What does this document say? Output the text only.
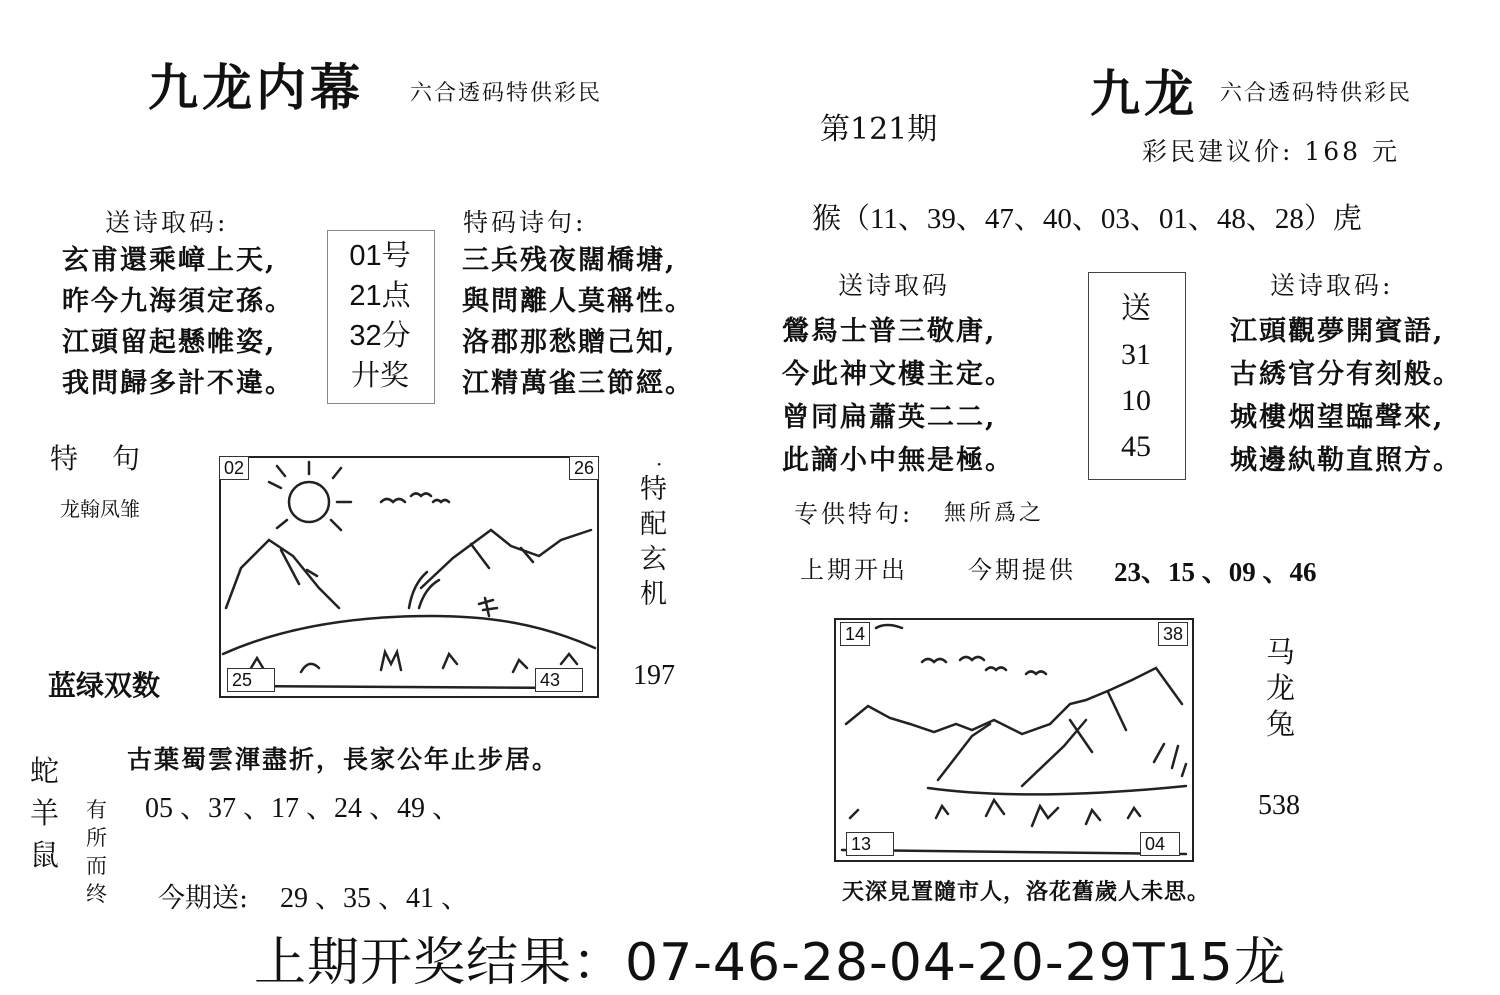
九龙内幕 六合透码特供彩民
送诗取码:
玄甫還乘嶂上天,
昨今九海須定孫。
江頭留起懸帷姿,
我問歸多計不違。
01号
21点
32分
廾奖
特码诗句:
三兵残夜闊橋塘,
與問離人莫稱性。
洛郡那愁贈己知,
江精萬雀三節經。
特　句
龙翰凤雏
02	26
25	43
·
特
配
玄
机
197
蓝绿双数
古葉蜀雲渾盡折，長家公年止步居。
蛇
羊
鼠
有
所
而
终
05 、37 、17 、24 、49 、
今期送: 29 、35 、41 、
九龙 六合透码特供彩民
第121期
彩民建议价: 168 元
猴（11、39、47、40、03、01、48、28）虎
送诗取码
鶯舄士普三敬唐,
今此神文樓主定。
曾同扁蕭英二二,
此謫小中無是極。
送
31
10
45
送诗取码:
江頭觀夢開賓語,
古綉官分有刻般。
城樓烟望臨聲來,
城邊紈勒直照方。
专供特句: 無所爲之
上期开出	今期提供 23、15 、09 、46
14	38
13	04
马
龙
兔
538
天深見置隨市人，洛花舊歲人未思。
上期开奖结果：07-46-28-04-20-29T15龙
